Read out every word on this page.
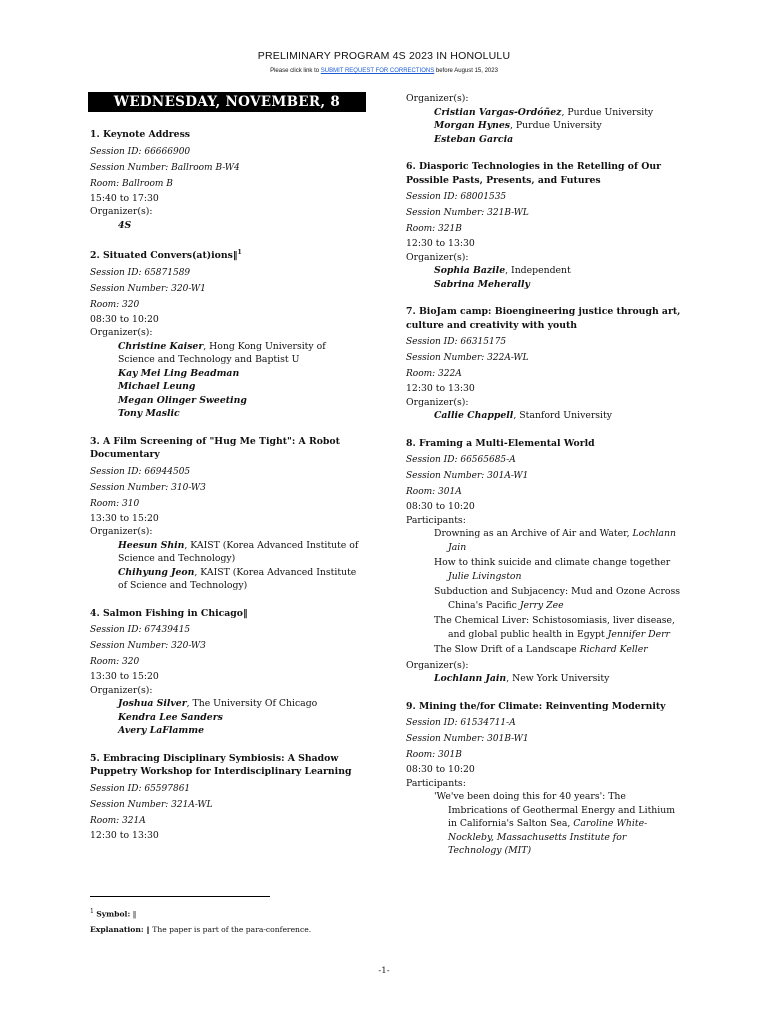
PRELIMINARY PROGRAM 4S 2023 IN HONOLULU
Please click link to SUBMIT REQUEST FOR CORRECTIONS before August 15, 2023
WEDNESDAY, NOVEMBER, 8
1. Keynote Address
Session ID: 66666900
Session Number: Ballroom B-W4
Room: Ballroom B
15:40 to 17:30
Organizer(s):
4S
2. Situated Convers(at)ions‖$^1$
Session ID: 65871589
Session Number: 320-W1
Room: 320
08:30 to 10:20
Organizer(s):
Christine Kaiser, Hong Kong University of Science and Technology and Baptist U
Kay Mei Ling Beadman
Michael Leung
Megan Olinger Sweeting
Tony Maslic
3. A Film Screening of "Hug Me Tight": A Robot Documentary
Session ID: 66944505
Session Number: 310-W3
Room: 310
13:30 to 15:20
Organizer(s):
Heesun Shin, KAIST (Korea Advanced Institute of Science and Technology)
Chihyung Jeon, KAIST (Korea Advanced Institute of Science and Technology)
4. Salmon Fishing in Chicago‖
Session ID: 67439415
Session Number: 320-W3
Room: 320
13:30 to 15:20
Organizer(s):
Joshua Silver, The University Of Chicago
Kendra Lee Sanders
Avery LaFlamme
5. Embracing Disciplinary Symbiosis: A Shadow Puppetry Workshop for Interdisciplinary Learning
Session ID: 65597861
Session Number: 321A-WL
Room: 321A
12:30 to 13:30
Organizer(s):
Cristian Vargas-Ordóñez, Purdue University
Morgan Hynes, Purdue University
Esteban Garcia
6. Diasporic Technologies in the Retelling of Our Possible Pasts, Presents, and Futures
Session ID: 68001535
Session Number: 321B-WL
Room: 321B
12:30 to 13:30
Organizer(s):
Sophia Bazile, Independent
Sabrina Meherally
7. BioJam camp: Bioengineering justice through art, culture and creativity with youth
Session ID: 66315175
Session Number: 322A-WL
Room: 322A
12:30 to 13:30
Organizer(s):
Callie Chappell, Stanford University
8. Framing a Multi-Elemental World
Session ID: 66565685-A
Session Number: 301A-W1
Room: 301A
08:30 to 10:20
Participants:
Drowning as an Archive of Air and Water, Lochlann Jain
How to think suicide and climate change together Julie Livingston
Subduction and Subjacency: Mud and Ozone Across China's Pacific Jerry Zee
The Chemical Liver: Schistosomiasis, liver disease, and global public health in Egypt Jennifer Derr
The Slow Drift of a Landscape Richard Keller
Organizer(s):
Lochlann Jain, New York University
9. Mining the/for Climate: Reinventing Modernity
Session ID: 61534711-A
Session Number: 301B-W1
Room: 301B
08:30 to 10:20
Participants:
'We've been doing this for 40 years': The Imbrications of Geothermal Energy and Lithium in California's Salton Sea, Caroline White-Nockleby, Massachusetts Institute for Technology (MIT)
$^1$ Symbol: ‖
Explanation: ‖ The paper is part of the para-conference.
-1-
